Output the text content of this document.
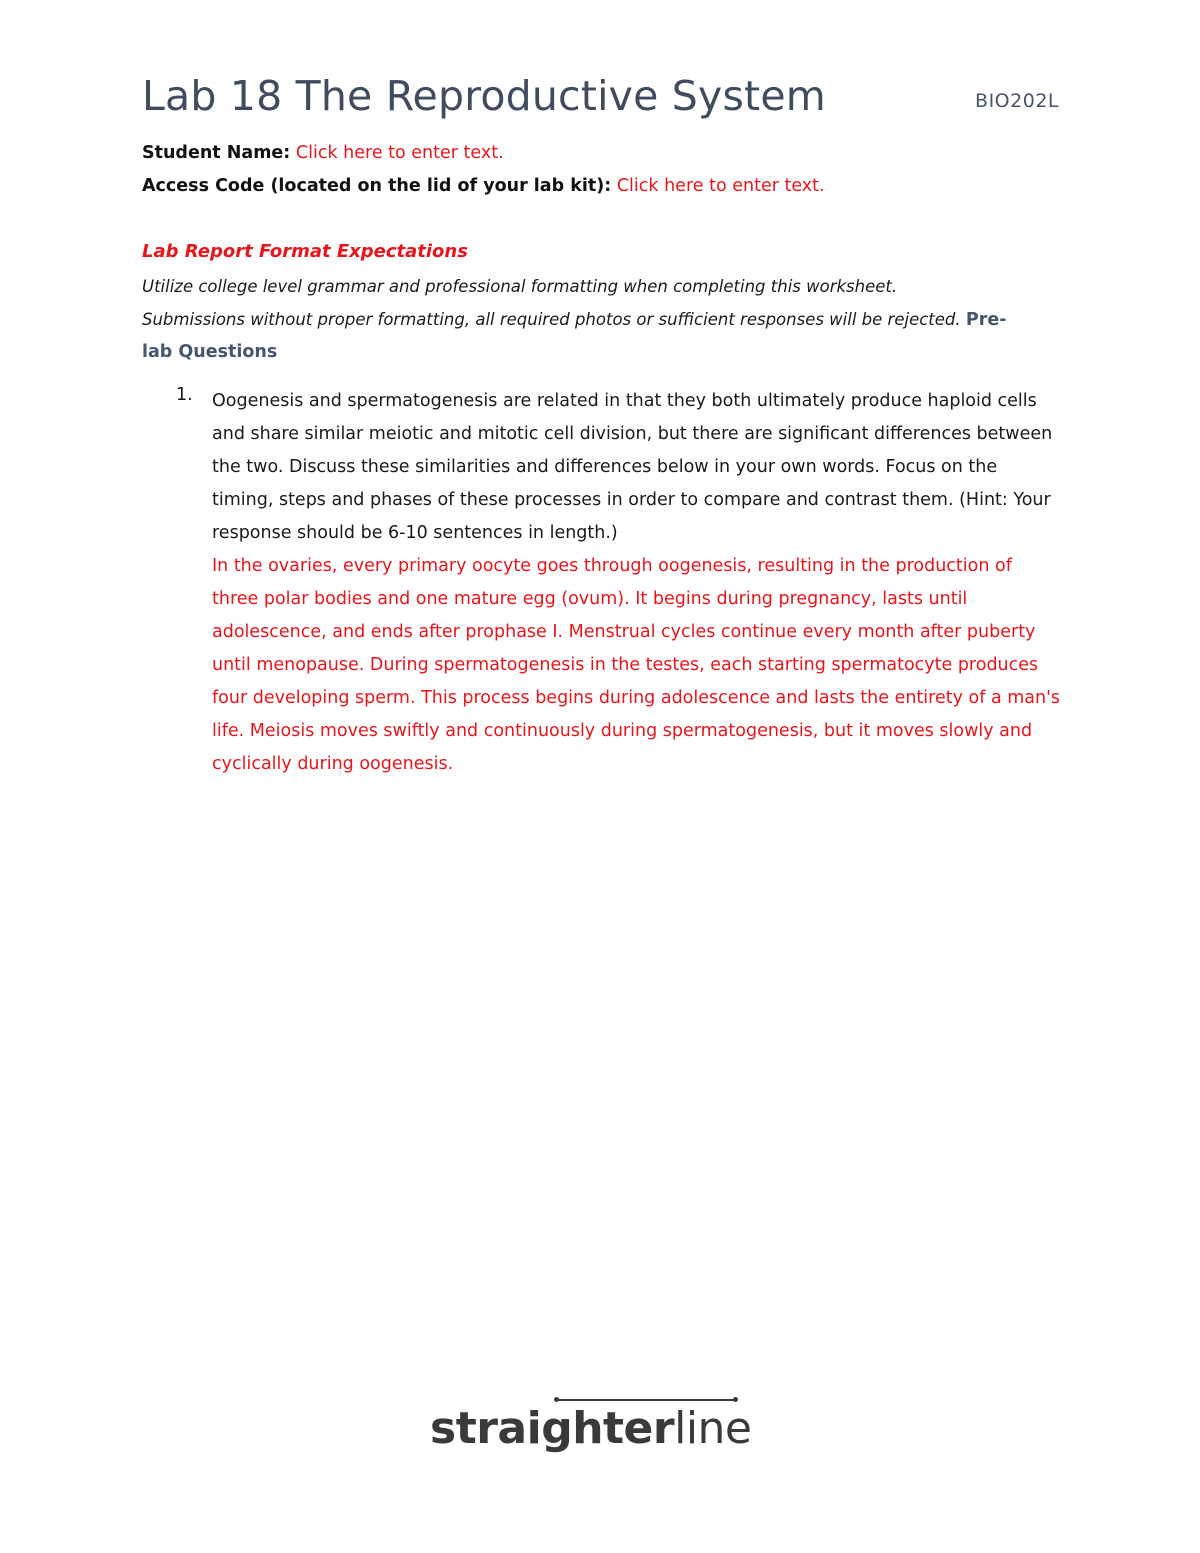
Lab 18 The Reproductive System	BIO202L
Student Name: Click here to enter text.
Access Code (located on the lid of your lab kit): Click here to enter text.
Lab Report Format Expectations
Utilize college level grammar and professional formatting when completing this worksheet.
Submissions without proper formatting, all required photos or sufficient responses will be rejected. Pre-
lab Questions
1. Oogenesis and spermatogenesis are related in that they both ultimately produce haploid cells and share similar meiotic and mitotic cell division, but there are significant differences between the two. Discuss these similarities and differences below in your own words. Focus on the timing, steps and phases of these processes in order to compare and contrast them. (Hint: Your response should be 6-10 sentences in length.)
In the ovaries, every primary oocyte goes through oogenesis, resulting in the production of three polar bodies and one mature egg (ovum). It begins during pregnancy, lasts until adolescence, and ends after prophase I. Menstrual cycles continue every month after puberty until menopause. During spermatogenesis in the testes, each starting spermatocyte produces four developing sperm. This process begins during adolescence and lasts the entirety of a man's life. Meiosis moves swiftly and continuously during spermatogenesis, but it moves slowly and cyclically during oogenesis.
straighterline
